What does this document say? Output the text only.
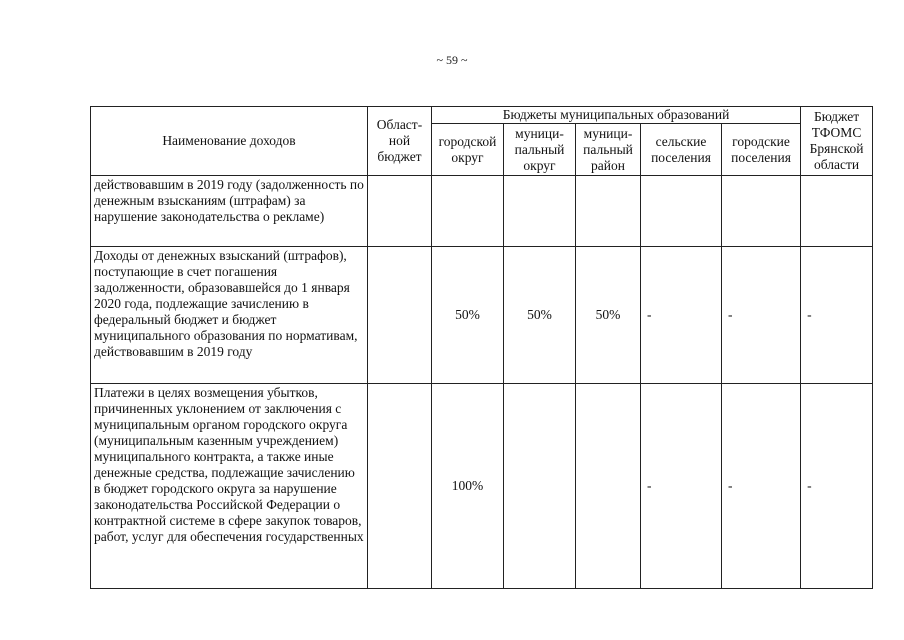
~ 59 ~
Наименование доходов	Област-ной бюджет	Бюджеты муниципальных образований					Бюджет ТФОМС Брянской области
		городской округ	муници-пальный округ	муници-пальный район	сельские поселения	городские поселения	
действовавшим в 2019 году (задолженность по денежным взысканиям (штрафам) за нарушение законодательства о рекламе)							
Доходы от денежных взысканий (штрафов), поступающие в счет погашения задолженности, образовавшейся до 1 января 2020 года, подлежащие зачислению в федеральный бюджет и бюджет муниципального образования по нормативам, действовавшим в 2019 году		50%	50%	50%	-	-	-
Платежи в целях возмещения убытков, причиненных уклонением от заключения с муниципальным органом городского округа (муниципальным казенным учреждением) муниципального контракта, а также иные денежные средства, подлежащие зачислению в бюджет городского округа за нарушение законодательства Российской Федерации о контрактной системе в сфере закупок товаров, работ, услуг для обеспечения государственных		100%			-	-	-
